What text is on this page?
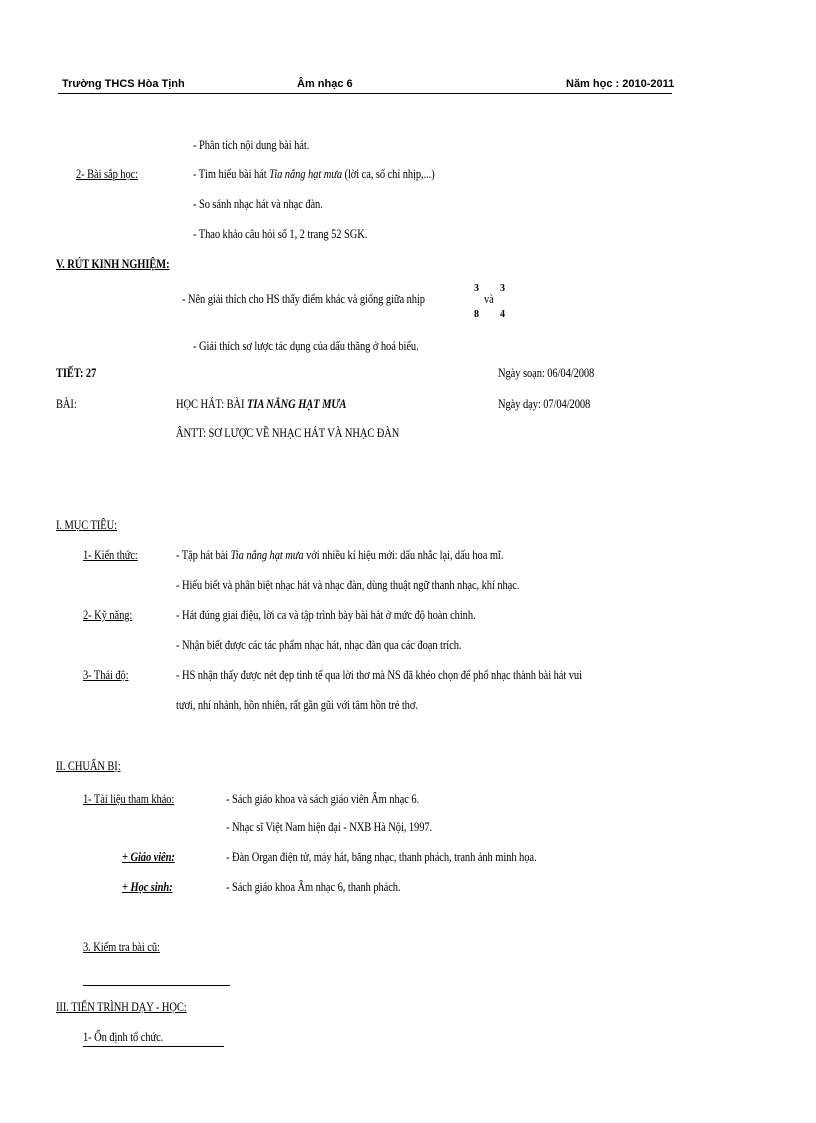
Trường THCS Hòa Tịnh	Âm nhạc 6	Năm học : 2010-2011
- Phân tích nội dung bài hát.
2- Bài sắp học:	- Tìm hiểu bài hát Tia nắng hạt mưa (lời ca, số chỉ nhịp,...)
- So sánh nhạc hát và nhạc đàn.
- Thao khảo câu hỏi số 1, 2 trang 52 SGK.
V. RÚT KINH NGHIỆM:
- Nên giải thích cho HS thấy điểm khác và giống giữa nhịp
3
8
và
3
4
- Giải thích sơ lược tác dụng của dấu thăng ở hoá biểu.
TIẾT: 27	Ngày soạn: 06/04/2008
BÀI:	HỌC HÁT: BÀI TIA NẮNG HẠT MƯA	Ngày dạy: 07/04/2008
ÂNTT: SƠ LƯỢC VỀ NHẠC HÁT VÀ NHẠC ĐÀN
I. MỤC TIÊU:
1- Kiến thức:	- Tập hát bài Tia nắng hạt mưa với nhiều kí hiệu mới: dấu nhắc lại, dấu hoa mĩ.
- Hiểu biết và phân biệt nhạc hát và nhạc đàn, dùng thuật ngữ thanh nhạc, khí nhạc.
2- Kỹ năng:	- Hát đúng giai điệu, lời ca và tập trình bày bài hát ở mức độ hoàn chỉnh.
- Nhận biết được các tác phẩm nhạc hát, nhạc đàn qua các đoạn trích.
3- Thái độ:	- HS nhận thấy được nét đẹp tinh tế qua lời thơ mà NS đã khéo chọn để phổ nhạc thành bài hát vui
tươi, nhí nhảnh, hồn nhiên, rất gần gũi với tâm hồn trẻ thơ.
II. CHUẨN BỊ:
1- Tài liệu tham khảo:	- Sách giáo khoa và sách giáo viên Âm nhạc 6.
- Nhạc sĩ Việt Nam hiện đại - NXB Hà Nội, 1997.
+ Giáo viên:	- Đàn Organ điện tử, máy hát, băng nhạc, thanh phách, tranh ảnh minh họa.
+ Học sinh:	- Sách giáo khoa Âm nhạc 6, thanh phách.
3. Kiểm tra bài cũ:
III. TIẾN TRÌNH DẠY - HỌC:
1- Ổn định tổ chức.
